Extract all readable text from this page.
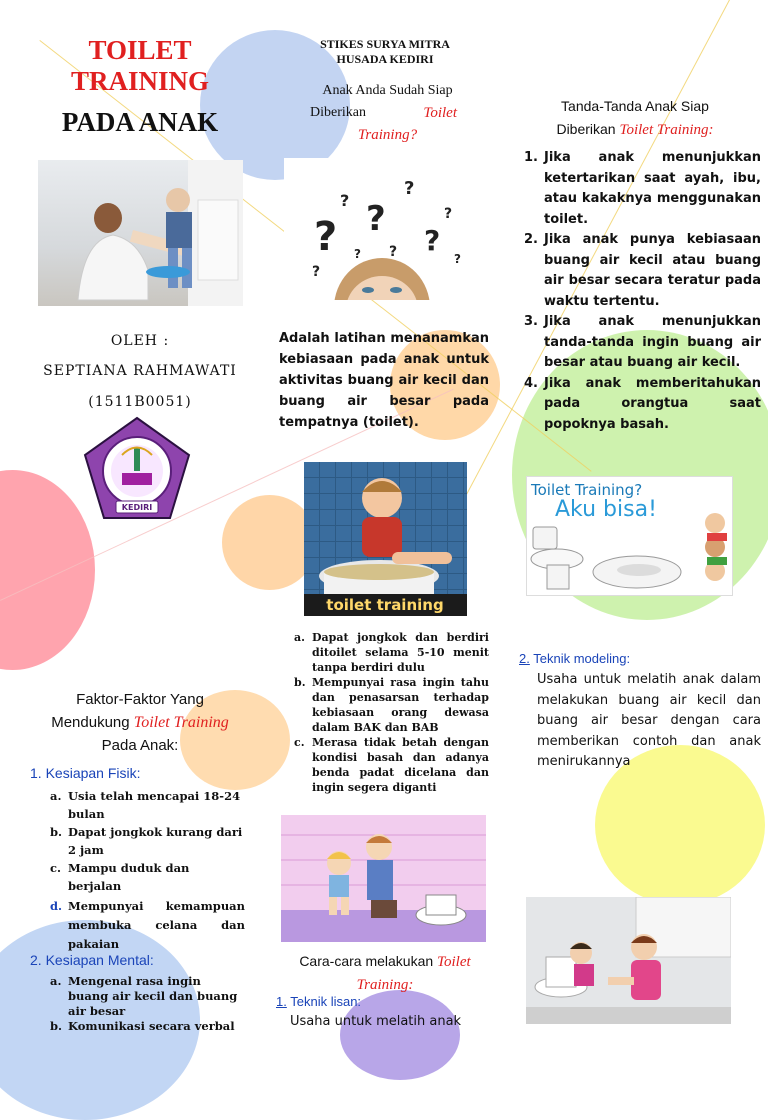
TOILET
TRAINING
PADA ANAK
OLEH :
SEPTIANA RAHMAWATI
(1511B0051)
KEDIRI
Faktor-Faktor Yang
Mendukung Toilet Training
Pada Anak:
1. Kesiapan Fisik:
a. Usia telah mencapai 18-24 bulan
b. Dapat jongkok kurang dari 2 jam
c. Mampu duduk dan berjalan
d. Mempunyai kemampuan membuka celana dan pakaian
2. Kesiapan Mental:
a. Mengenal rasa ingin buang air kecil dan buang air besar
b. Komunikasi secara verbal
STIKES SURYA MITRA
HUSADA KEDIRI
Anak Anda Sudah Siap
Diberikan	Toilet
Training?
? ?
?
?
?
?
?
?	?
?
Adalah latihan menanamkan kebiasaan pada anak untuk aktivitas buang air kecil dan buang air besar pada tempatnya (toilet).
toilet training
a. Dapat jongkok dan berdiri ditoilet selama 5-10 menit tanpa berdiri dulu
b. Mempunyai rasa ingin tahu dan penasarsan terhadap kebiasaan orang dewasa dalam BAK dan BAB
c. Merasa tidak betah dengan kondisi basah dan adanya benda padat dicelana dan ingin segera diganti
Cara-cara melakukan Toilet
Training:
1. Teknik lisan:
Usaha untuk melatih anak
Tanda-Tanda Anak Siap
Diberikan Toilet Training:
1. Jika anak menunjukkan ketertarikan saat ayah, ibu, atau kakaknya menggunakan toilet.
2. Jika anak punya kebiasaan buang air kecil atau buang air besar secara teratur pada waktu tertentu.
3. Jika anak menunjukkan tanda-tanda ingin buang air besar atau buang air kecil.
4. Jika anak memberitahukan pada orangtua saat popoknya basah.
Toilet Training?
Aku bisa!
2. Teknik modeling:
Usaha untuk melatih anak dalam melakukan buang air kecil dan buang air besar dengan cara memberikan contoh dan anak menirukannya
